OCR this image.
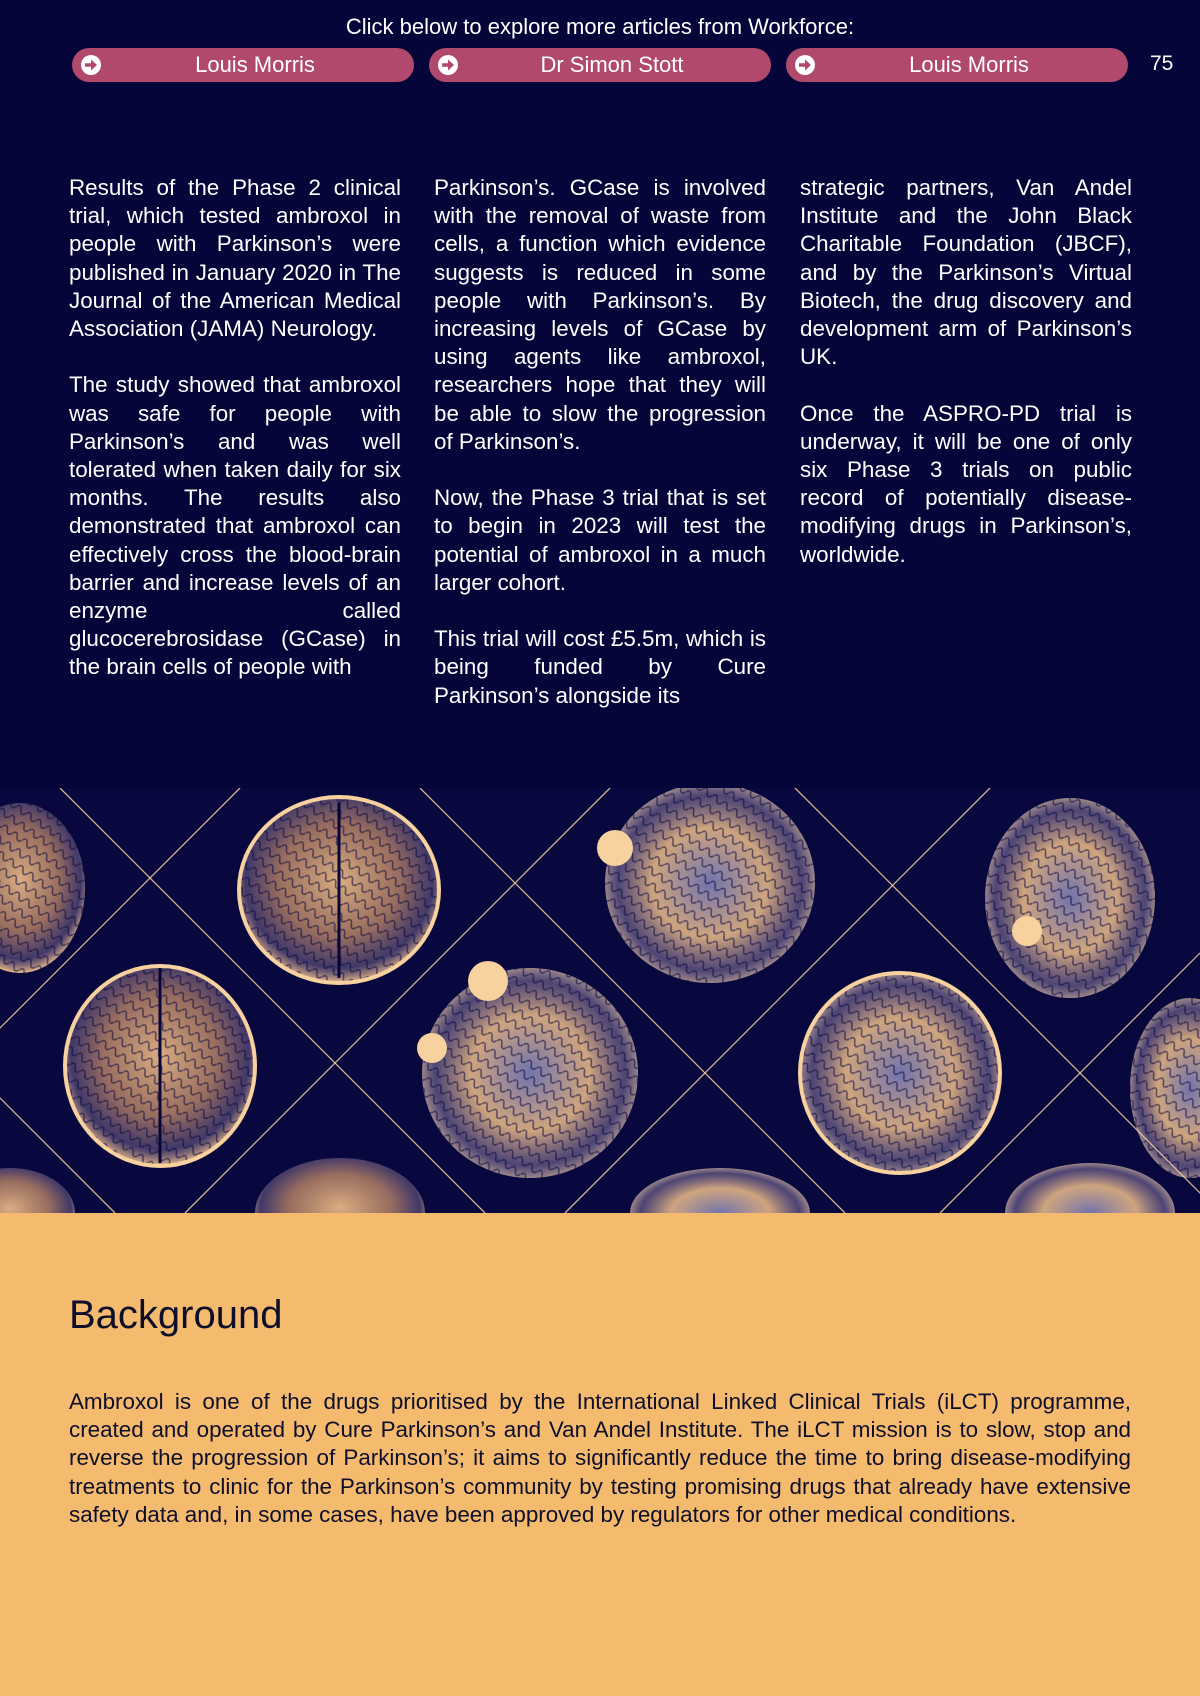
Click below to explore more articles from Workforce:
Louis Morris	Dr Simon Stott	Louis Morris	75

Results of the Phase 2 clinical trial, which tested ambroxol in people with Parkinson’s were published in January 2020 in The Journal of the American Medical Association (JAMA) Neurology.

The study showed that ambroxol was safe for people with Parkinson’s and was well tolerated when taken daily for six months. The results also demonstrated that ambroxol can effectively cross the blood-brain barrier and increase levels of an enzyme called glucocerebrosidase (GCase) in the brain cells of people with

Parkinson’s. GCase is involved with the removal of waste from cells, a function which evidence suggests is reduced in some people with Parkinson’s. By increasing levels of GCase by using agents like ambroxol, researchers hope that they will be able to slow the progression of Parkinson’s.

Now, the Phase 3 trial that is set to begin in 2023 will test the potential of ambroxol in a much larger cohort.

This trial will cost £5.5m, which is being funded by Cure Parkinson’s alongside its

strategic partners, Van Andel Institute and the John Black Charitable Foundation (JBCF), and by the Parkinson’s Virtual Biotech, the drug discovery and development arm of Parkinson’s UK.

Once the ASPRO-PD trial is underway, it will be one of only six Phase 3 trials on public record of potentially disease-modifying drugs in Parkinson’s, worldwide.

Background

Ambroxol is one of the drugs prioritised by the International Linked Clinical Trials (iLCT) programme, created and operated by Cure Parkinson’s and Van Andel Institute. The iLCT mission is to slow, stop and reverse the progression of Parkinson’s; it aims to significantly reduce the time to bring disease-modifying treatments to clinic for the Parkinson’s community by testing promising drugs that already have extensive safety data and, in some cases, have been approved by regulators for other medical conditions.
